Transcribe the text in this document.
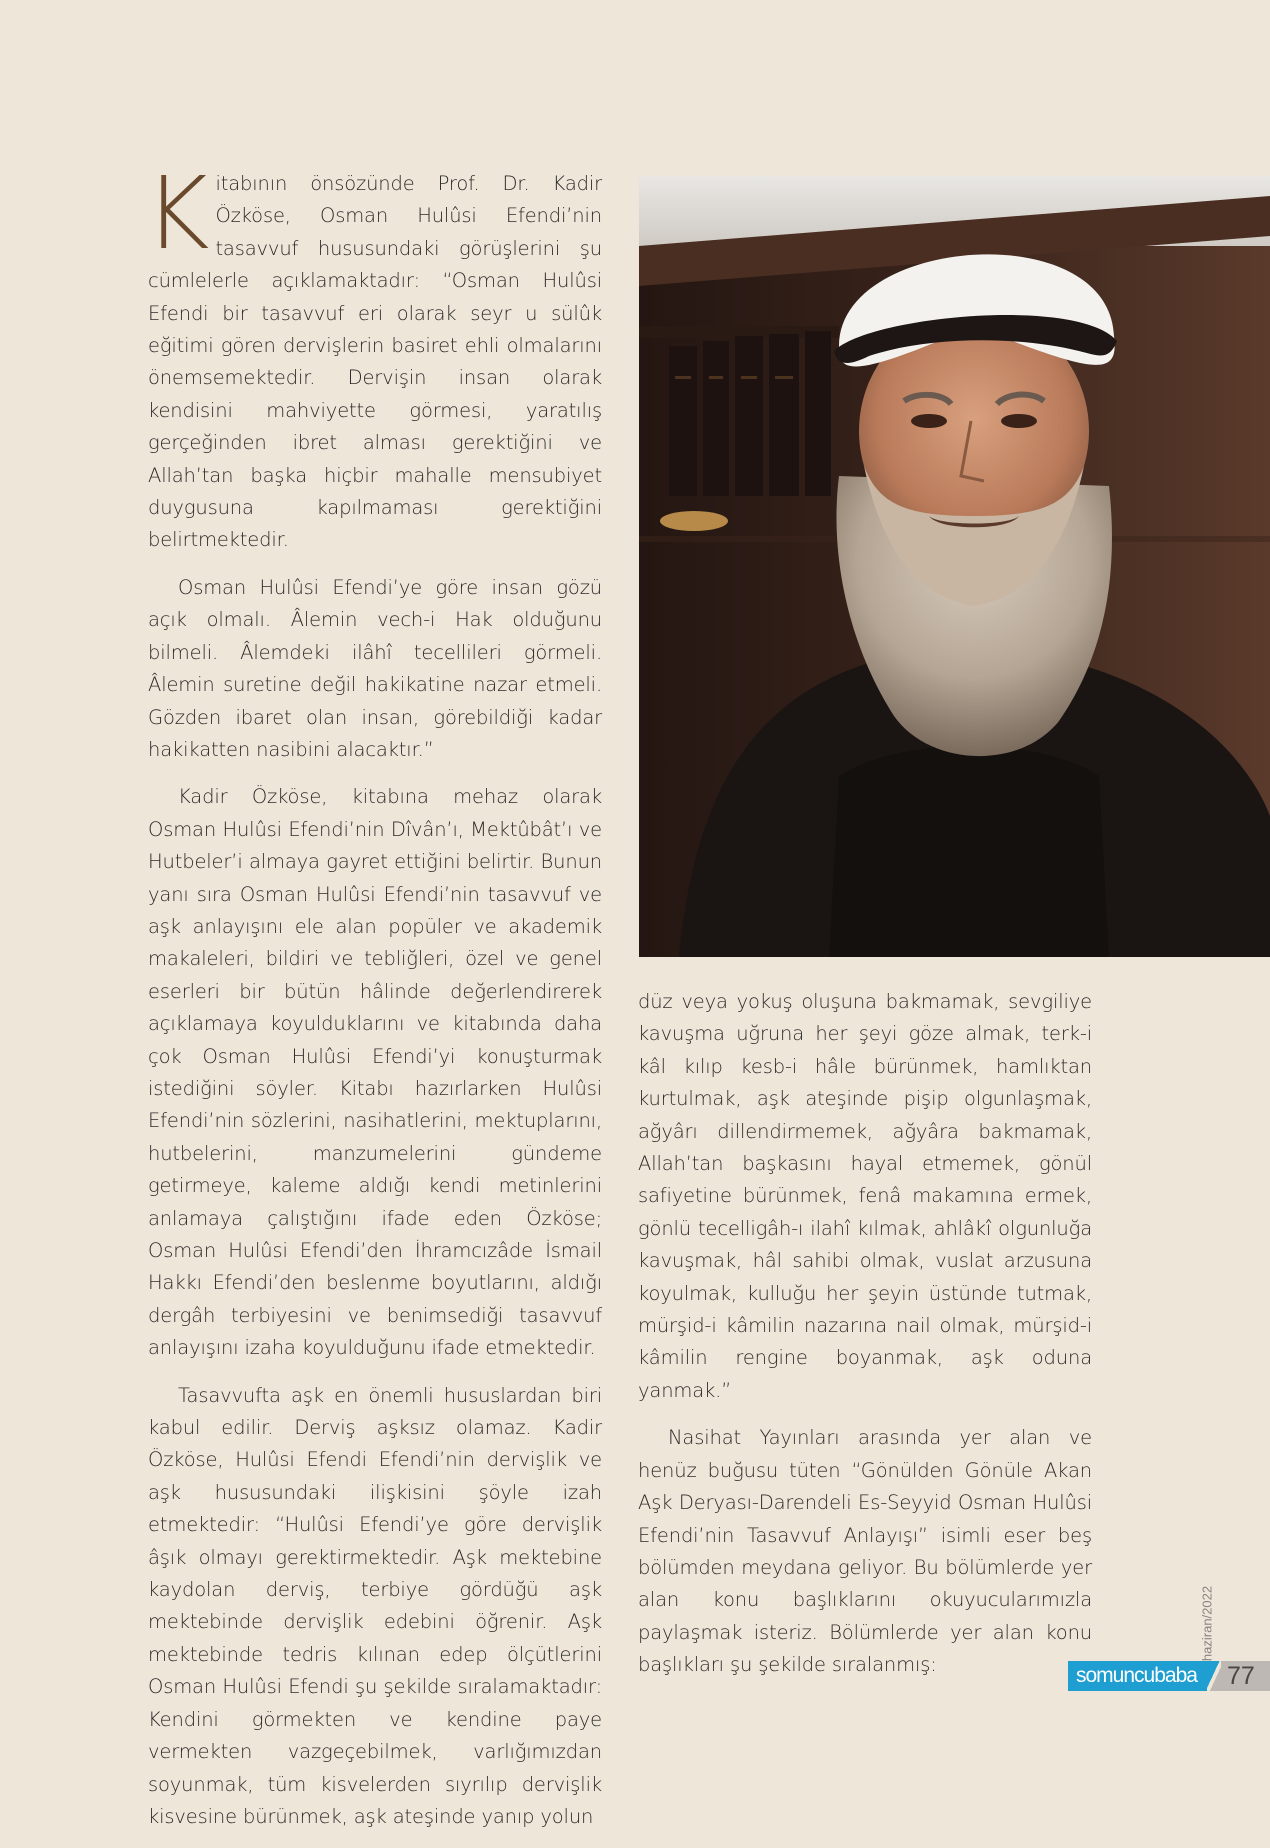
Kitabının önsözünde Prof. Dr. Kadir Özköse, Osman Hulûsi Efendi’nin tasavvuf hususundaki görüşlerini şu cümlelerle açıklamaktadır: “Osman Hulûsi Efendi bir tasavvuf eri olarak seyr u sülûk eğitimi gören dervişlerin basiret ehli olmalarını önemsemektedir. Dervişin insan olarak kendisini mahviyette görmesi, yaratılış gerçeğinden ibret alması gerektiğini ve Allah’tan başka hiçbir mahalle mensubiyet duygusuna kapılmaması gerektiğini belirtmektedir.

Osman Hulûsi Efendi’ye göre insan gözü açık olmalı. Âlemin vech-i Hak olduğunu bilmeli. Âlemdeki ilâhî tecellileri görmeli. Âlemin suretine değil hakikatine nazar etmeli. Gözden ibaret olan insan, görebildiği kadar hakikatten nasibini alacaktır.”

Kadir Özköse, kitabına mehaz olarak Osman Hulûsi Efendi’nin Dîvân’ı, Mektûbât’ı ve Hutbeler’i almaya gayret ettiğini belirtir. Bunun yanı sıra Osman Hulûsi Efendi’nin tasavvuf ve aşk anlayışını ele alan popüler ve akademik makaleleri, bildiri ve tebliğleri, özel ve genel eserleri bir bütün hâlinde değerlendirerek açıklamaya koyulduklarını ve kitabında daha çok Osman Hulûsi Efendi’yi konuşturmak istediğini söyler. Kitabı hazırlarken Hulûsi Efendi’nin sözlerini, nasihatlerini, mektuplarını, hutbelerini, manzumelerini gündeme getirmeye, kaleme aldığı kendi metinlerini anlamaya çalıştığını ifade eden Özköse; Osman Hulûsi Efendi’den İhramcızâde İsmail Hakkı Efendi’den beslenme boyutlarını, aldığı dergâh terbiyesini ve benimsediği tasavvuf anlayışını izaha koyulduğunu ifade etmektedir.

Tasavvufta aşk en önemli hususlardan biri kabul edilir. Derviş aşksız olamaz. Kadir Özköse, Hulûsi Efendi Efendi’nin dervişlik ve aşk hususundaki ilişkisini şöyle izah etmektedir: “Hulûsi Efendi’ye göre dervişlik âşık olmayı gerektirmektedir. Aşk mektebine kaydolan derviş, terbiye gördüğü aşk mektebinde dervişlik edebini öğrenir. Aşk mektebinde tedris kılınan edep ölçütlerini Osman Hulûsi Efendi şu şekilde sıralamaktadır: Kendini görmekten ve kendine paye vermekten vazgeçebilmek, varlığımızdan soyunmak, tüm kisvelerden sıyrılıp dervişlik kisvesine bürünmek, aşk ateşinde yanıp yolun

düz veya yokuş oluşuna bakmamak, sevgiliye kavuşma uğruna her şeyi göze almak, terk-i kâl kılıp kesb-i hâle bürünmek, hamlıktan kurtulmak, aşk ateşinde pişip olgunlaşmak, ağyârı dillendirmemek, ağyâra bakmamak, Allah’tan başkasını hayal etmemek, gönül safiyetine bürünmek, fenâ makamına ermek, gönlü tecelligâh-ı ilahî kılmak, ahlâkî olgunluğa kavuşmak, hâl sahibi olmak, vuslat arzusuna koyulmak, kulluğu her şeyin üstünde tutmak, mürşid-i kâmilin nazarına nail olmak, mürşid-i kâmilin rengine boyanmak, aşk oduna yanmak.”

Nasihat Yayınları arasında yer alan ve henüz buğusu tüten “Gönülden Gönüle Akan Aşk Deryası-Darendeli Es-Seyyid Osman Hulûsi Efendi’nin Tasavvuf Anlayışı” isimli eser beş bölümden meydana geliyor. Bu bölümlerde yer alan konu başlıklarını okuyucularımızla paylaşmak isteriz. Bölümlerde yer alan konu başlıkları şu şekilde sıralanmış:

haziran/2022
somuncubaba	77
